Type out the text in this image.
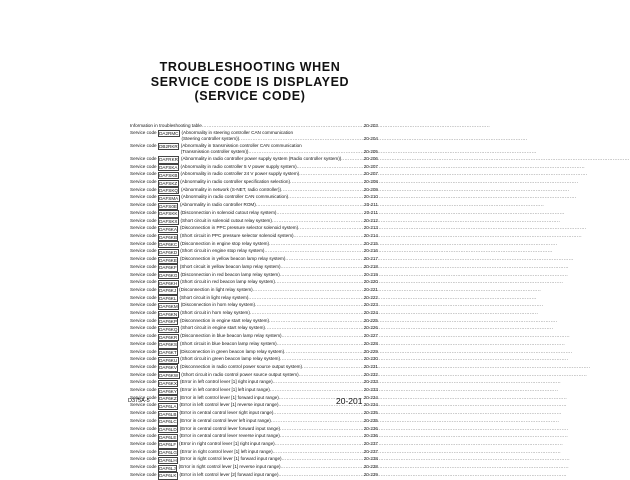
TROUBLESHOOTING WHEN
SERVICE CODE IS DISPLAYED
(SERVICE CODE)
Information in troubleshooting table .....	20-203
Service code DA2RMC (Abnormality in steering controller CAN communication
(Steering controller system)) .....	20-204
Service code DB2RKR (Abnormality in transmission controller CAN communication
(Transmission controller system)) .....	20-205
Service code DAFRKR (Abnormality in radio controller power supply system (Radio controller system)) .....	20-206
Service code DAFSKA (Abnormality in radio controller 5 V power supply system) .....	20-207
Service code DAFSKB (Abnormality in radio controller 24 V power supply system) .....	20-207
Service code DAFSKZ (Abnormality in radio controller specification selection) .....	20-208
Service code DAFSKQ (Abnormality in network (S-NET, radio controller)) .....	20-209
Service code DAFSMA (Abnormality in radio controller CAN communication) .....	20-210
Service code DAFS0E (Abnormality in radio controller ROM) .....	20-211
Service code DAFSKK (Disconnection in solenoid cutout relay system) .....	20-211
Service code DAFSKX (Short circuit in solenoid cutout relay system) .....	20-212
Service code DAF6KA (Disconnection in PPC pressure selector solenoid system) .....	20-213
Service code DAF6KB (Short circuit in PPC pressure selector solenoid system) .....	20-214
Service code DAF6KC (Disconnection in engine stop relay system) .....	20-215
Service code DAF6KD (Short circuit in engine stop relay system) .....	20-216
Service code DAF6KE (Disconnection in yellow beacon lamp relay system) .....	20-217
Service code DAF6KF (Short circuit in yellow beacon lamp relay system) .....	20-218
Service code DAF6KG (Disconnection in red beacon lamp relay system) .....	20-219
Service code DAF6KH (Short circuit in red beacon lamp relay system) .....	20-220
Service code DAF6KJ (Disconnection in light relay system) .....	20-221
Service code DAF6KL (Short circuit in light relay system) .....	20-222
Service code DAF6KM (Disconnection in horn relay system) .....	20-223
Service code DAF6KN (Short circuit in horn relay system) .....	20-224
Service code DAF6KP (Disconnection in engine start relay system) .....	20-225
Service code DAF6KQ (Short circuit in engine start relay system) .....	20-226
Service code DAF6KR (Disconnection in blue beacon lamp relay system) .....	20-227
Service code DAF6KS (Short circuit in blue beacon lamp relay system) .....	20-228
Service code DAF6KT (Disconnection in green beacon lamp relay system) .....	20-229
Service code DAF6KU (Short circuit in green beacon lamp relay system) .....	20-230
Service code DAF6KV (Disconnection in radio control power source output system) .....	20-231
Service code DAF6KW (Short circuit in radio control power source output system) .....	20-232
Service code DAF6KX (Error in left control lever [1] right input range) .....	20-233
Service code DAF6KY (Error in left control lever [1] left input range) .....	20-233
Service code DAF6KZ (Error in left control lever [1] forward input range) .....	20-234
Service code DAF6LA (Error in left control lever [1] reverse input range) .....	20-234
Service code DAF6LB (Error in central control lever right input range) .....	20-235
Service code DAF6LC (Error in central control lever left input range) .....	20-235
Service code DAF6LD (Error in central control lever forward input range) .....	20-236
Service code DAF6LE (Error in central control lever reverse input range) .....	20-236
Service code DAF6LF (Error in right control lever [1] right input range) .....	20-237
Service code DAF6LG (Error in right control lever [1] left input range) .....	20-237
Service code DAF6LH (Error in right control lever [1] forward input range) .....	20-238
Service code DAF6LJ (Error in right control lever [1] reverse input range) .....	20-238
Service code DAF6LK (Error in left control lever [2] forward input range) .....	20-239
D375A-5	20-201
